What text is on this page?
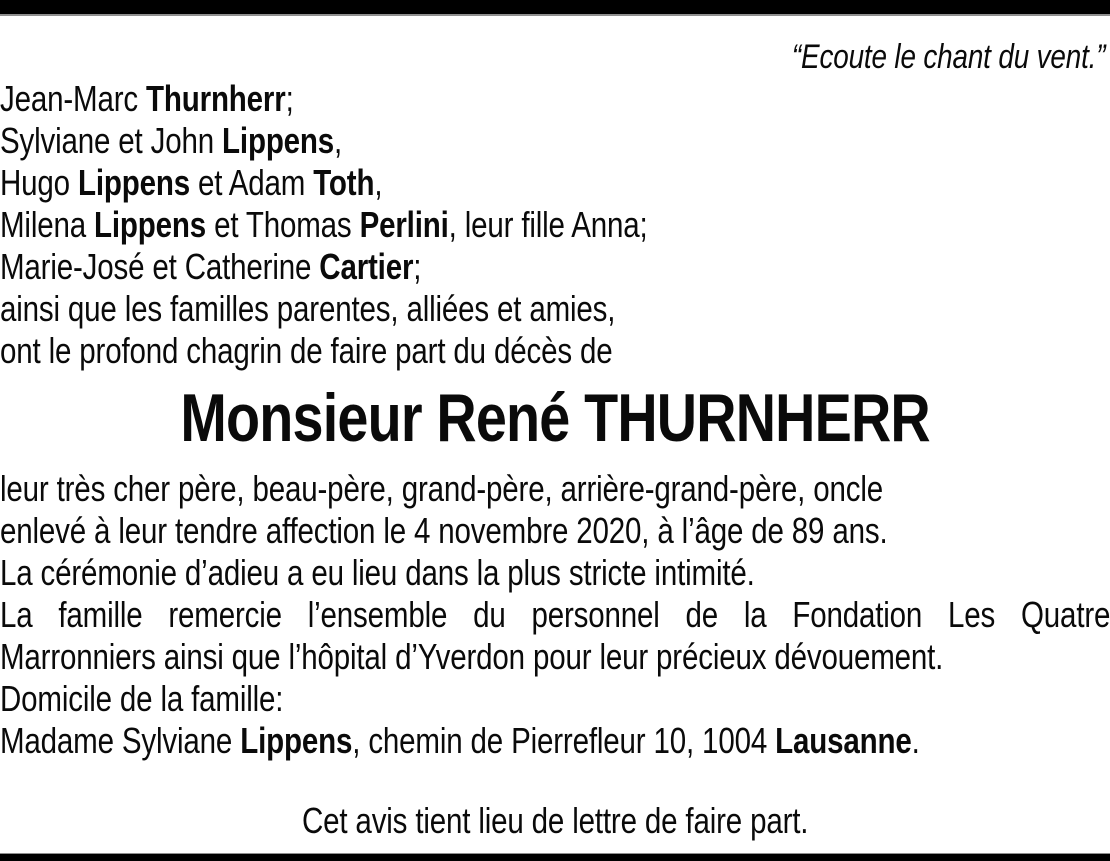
“Ecoute le chant du vent.”
Jean-Marc Thurnherr;
Sylviane et John Lippens,
Hugo Lippens et Adam Toth,
Milena Lippens et Thomas Perlini, leur fille Anna;
Marie-José et Catherine Cartier;
ainsi que les familles parentes, alliées et amies,
ont le profond chagrin de faire part du décès de
Monsieur René THURNHERR
leur très cher père, beau-père, grand-père, arrière-grand-père, oncle
enlevé à leur tendre affection le 4 novembre 2020, à l’âge de 89 ans.
La cérémonie d’adieu a eu lieu dans la plus stricte intimité.
La famille remercie l’ensemble du personnel de la Fondation Les Quatre
Marronniers ainsi que l’hôpital d’Yverdon pour leur précieux dévouement.
Domicile de la famille:
Madame Sylviane Lippens, chemin de Pierrefleur 10, 1004 Lausanne.
Cet avis tient lieu de lettre de faire part.
